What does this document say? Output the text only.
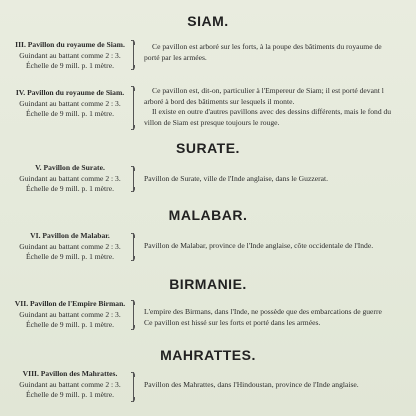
SIAM.
III. Pavillon du royaume de Siam.
Guindant au battant comme 2 : 3.
Échelle de 9 mill. p. 1 mètre.
Ce pavillon est arboré sur les forts, à la poupe des bâtiments du royaume de
porté par les armées.
IV. Pavillon du royaume de Siam.
Guindant au battant comme 2 : 3.
Échelle de 9 mill. p. 1 mètre.
Ce pavillon est, dit-on, particulier à l'Empereur de Siam; il est porté devant l
arboré à bord des bâtiments sur lesquels il monte.
Il existe en outre d'autres pavillons avec des dessins différents, mais le fond du
villon de Siam est presque toujours le rouge.
SURATE.
V. Pavillon de Surate.
Guindant au battant comme 2 : 3.
Échelle de 9 mill. p. 1 mètre.
Pavillon de Surate, ville de l'Inde anglaise, dans le Guzzerat.
MALABAR.
VI. Pavillon de Malabar.
Guindant au battant comme 2 : 3.
Échelle de 9 mill. p. 1 mètre.
Pavillon de Malabar, province de l'Inde anglaise, côte occidentale de l'Inde.
BIRMANIE.
VII. Pavillon de l'Empire Birman.
Guindant au battant comme 2 : 3.
Échelle de 9 mill. p. 1 mètre.
L'empire des Birmans, dans l'Inde, ne possède que des embarcations de guerre
Ce pavillon est hissé sur les forts et porté dans les armées.
MAHRATTES.
VIII. Pavillon des Mahrattes.
Guindant au battant comme 2 : 3.
Échelle de 9 mill. p. 1 mètre.
Pavillon des Mahrattes, dans l'Hindoustan, province de l'Inde anglaise.
